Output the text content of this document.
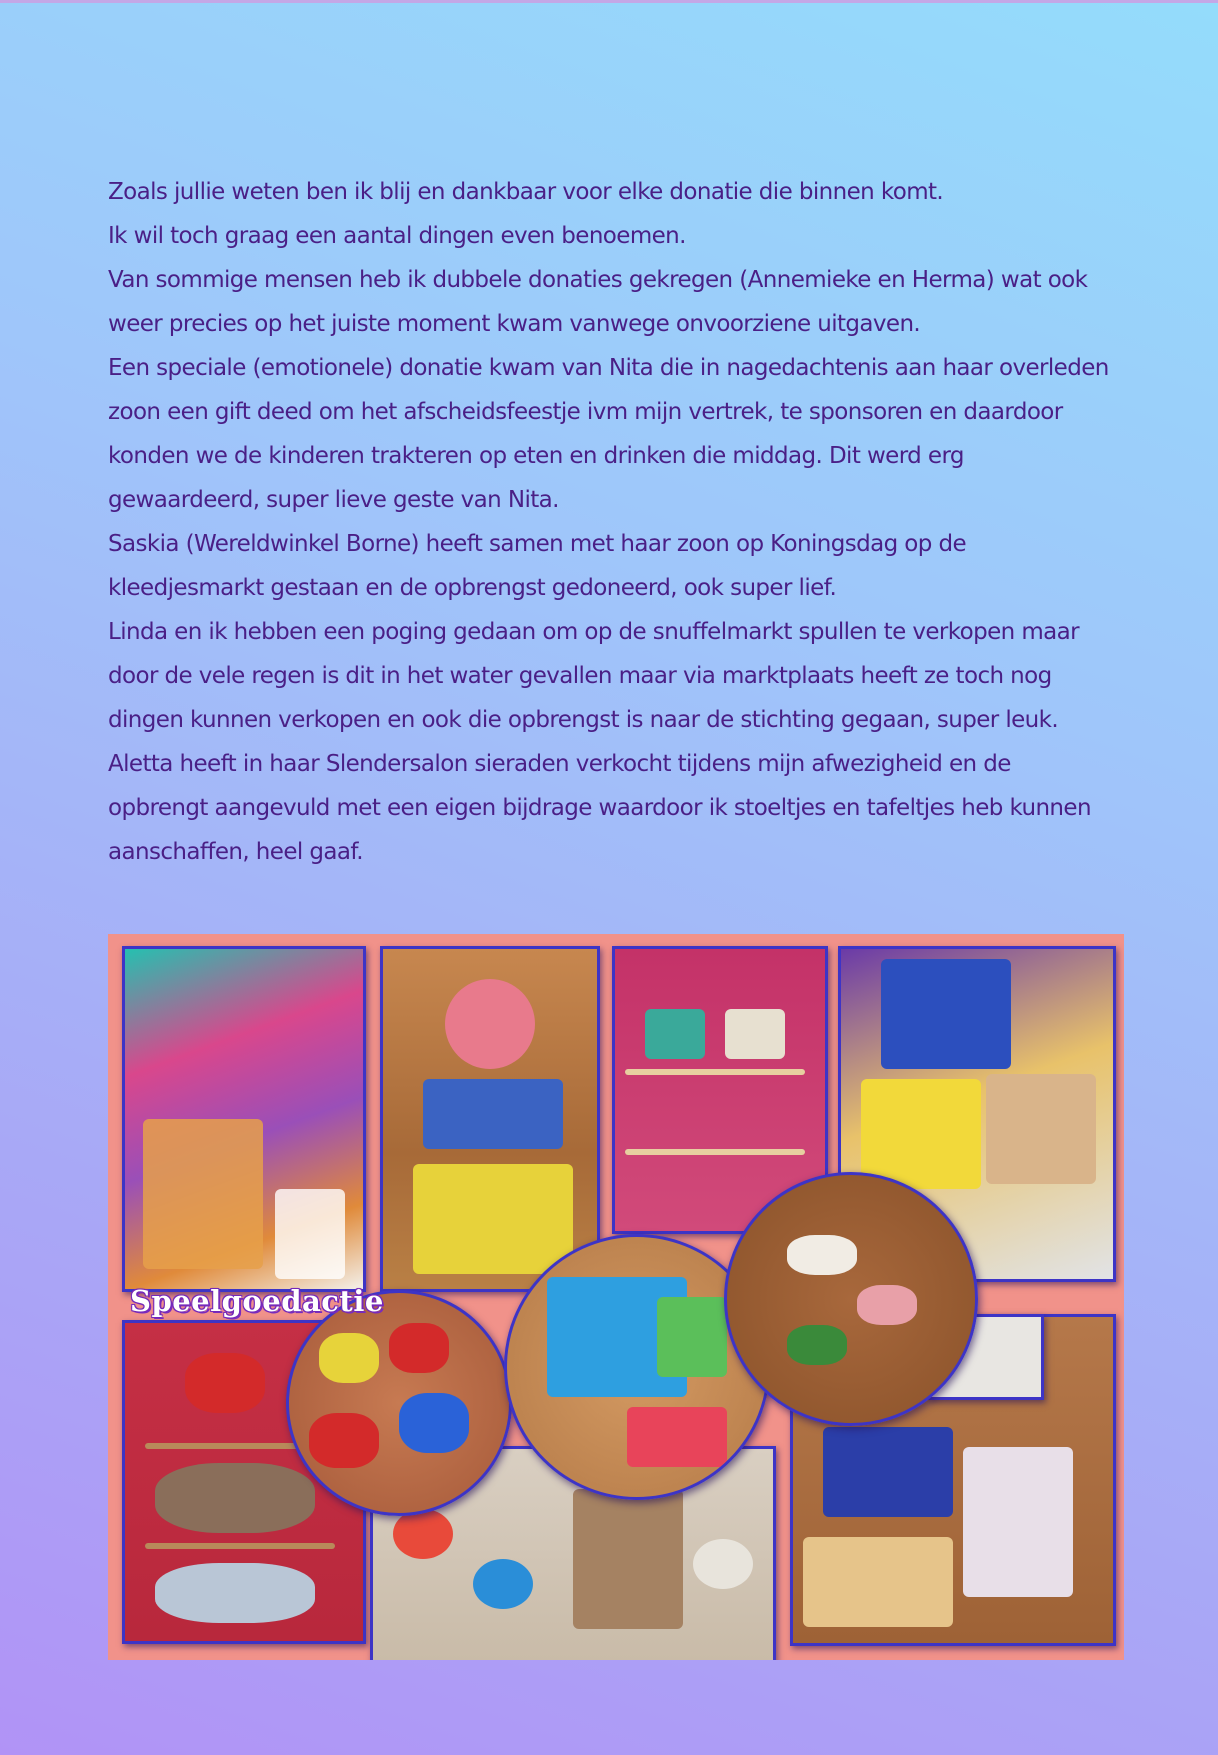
Zoals jullie weten ben ik blij en dankbaar voor elke donatie die binnen komt.

Ik wil toch graag een aantal dingen even benoemen.

Van sommige mensen heb ik dubbele donaties gekregen (Annemieke en Herma) wat ook

weer precies op het juiste moment kwam vanwege onvoorziene uitgaven.

Een speciale (emotionele) donatie kwam van Nita die in nagedachtenis aan haar overleden

zoon een gift deed om het afscheidsfeestje ivm mijn vertrek, te sponsoren en daardoor

konden we de kinderen trakteren op eten en drinken die middag. Dit werd erg

gewaardeerd, super lieve geste van Nita.

Saskia (Wereldwinkel Borne) heeft samen met haar zoon op Koningsdag op de

kleedjesmarkt gestaan en de opbrengst gedoneerd, ook super lief.

Linda en ik hebben een poging gedaan om op de snuffelmarkt spullen te verkopen maar

door de vele regen is dit in het water gevallen maar via marktplaats heeft ze toch nog

dingen kunnen verkopen en ook die opbrengst is naar de stichting gegaan, super leuk.

Aletta heeft in haar Slendersalon sieraden verkocht tijdens mijn afwezigheid en de

opbrengt aangevuld met een eigen bijdrage waardoor ik stoeltjes en tafeltjes heb kunnen

aanschaffen, heel gaaf.

Speelgoedactie
